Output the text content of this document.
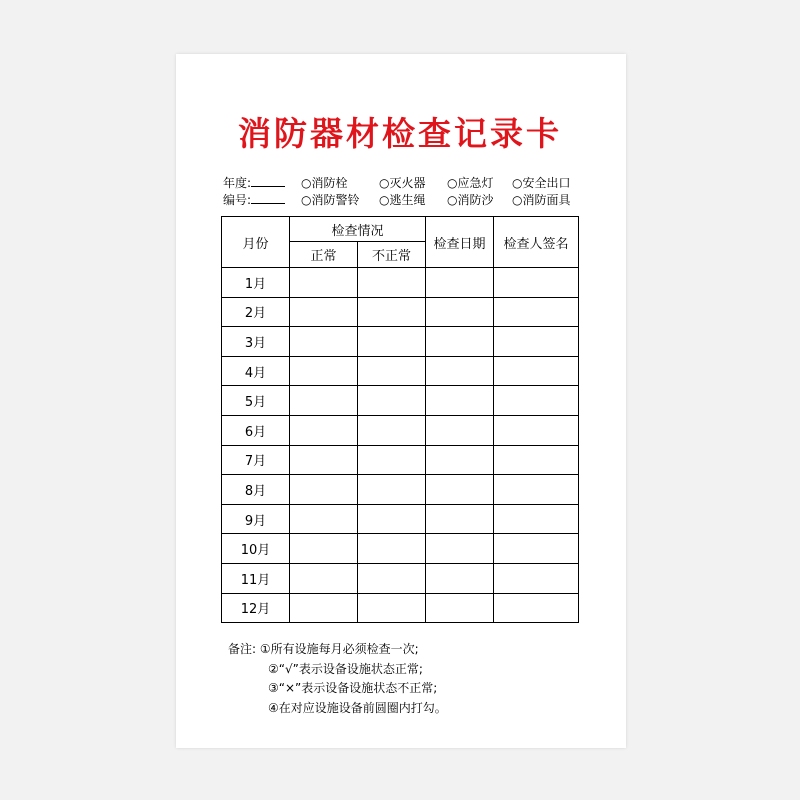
消防器材检查记录卡
年度:
编号:
○消防栓	○灭火器 ○应急灯 ○安全出口
○消防警铃 ○逃生绳 ○消防沙 ○消防面具
月份	检查情况		检查日期	检查人签名
	正常	不正常		
1月				
2月				
3月				
4月				
5月				
6月				
7月				
8月				
9月				
10月				
11月				
12月				
备注: ①所有设施每月必须检查一次;
②“√”表示设备设施状态正常;
③“×”表示设备设施状态不正常;
④在对应设施设备前圆圈内打勾。
